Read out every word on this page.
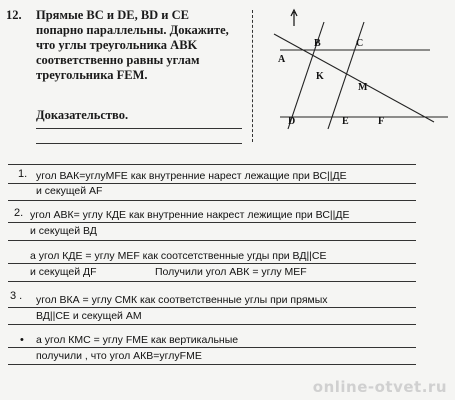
12. Прямые BC и DE, BD и CE попарно параллельны. Докажите, что углы треугольника ABK соответственно равны углам треугольника FEM.
Доказательство.
B	C
A
K
M
D	E	F
1. угол ВАК=углуMFE как внутренние нарест лежащие при ВС||ДЕ
и секущей AF
2. угол АВК= углу КДЕ как внутренние накрест лежищие при ВС||ДЕ
и секущей ВД
а угол КДЕ = углу МЕF как соотсетственные угды при ВД||СЕ
и секущей ДF	Получили угол АВК = углу МЕF
3 . угол ВКА = углу СМК как соответственные углы при прямых
ВД||СЕ и секущей АМ
• а угол КМС = углу FME как вертикальные
получили , что угол АКВ=углуFME
online-otvet.ru
